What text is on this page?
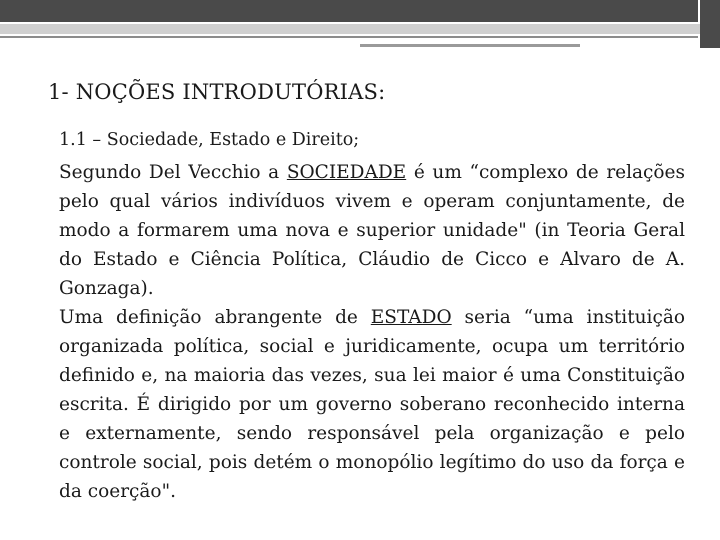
1- NOÇÕES INTRODUTÓRIAS:
1.1 – Sociedade, Estado e Direito;

Segundo Del Vecchio a SOCIEDADE é um “complexo de relações pelo qual vários indivíduos vivem e operam conjuntamente, de modo a formarem uma nova e superior unidade" (in Teoria Geral do Estado e Ciência Política, Cláudio de Cicco e Alvaro de A. Gonzaga).

Uma definição abrangente de ESTADO seria “uma instituição organizada política, social e juridicamente, ocupa um território definido e, na maioria das vezes, sua lei maior é uma Constituição escrita. É dirigido por um governo soberano reconhecido interna e externamente, sendo responsável pela organização e pelo controle social, pois detém o monopólio legítimo do uso da força e da coerção".
